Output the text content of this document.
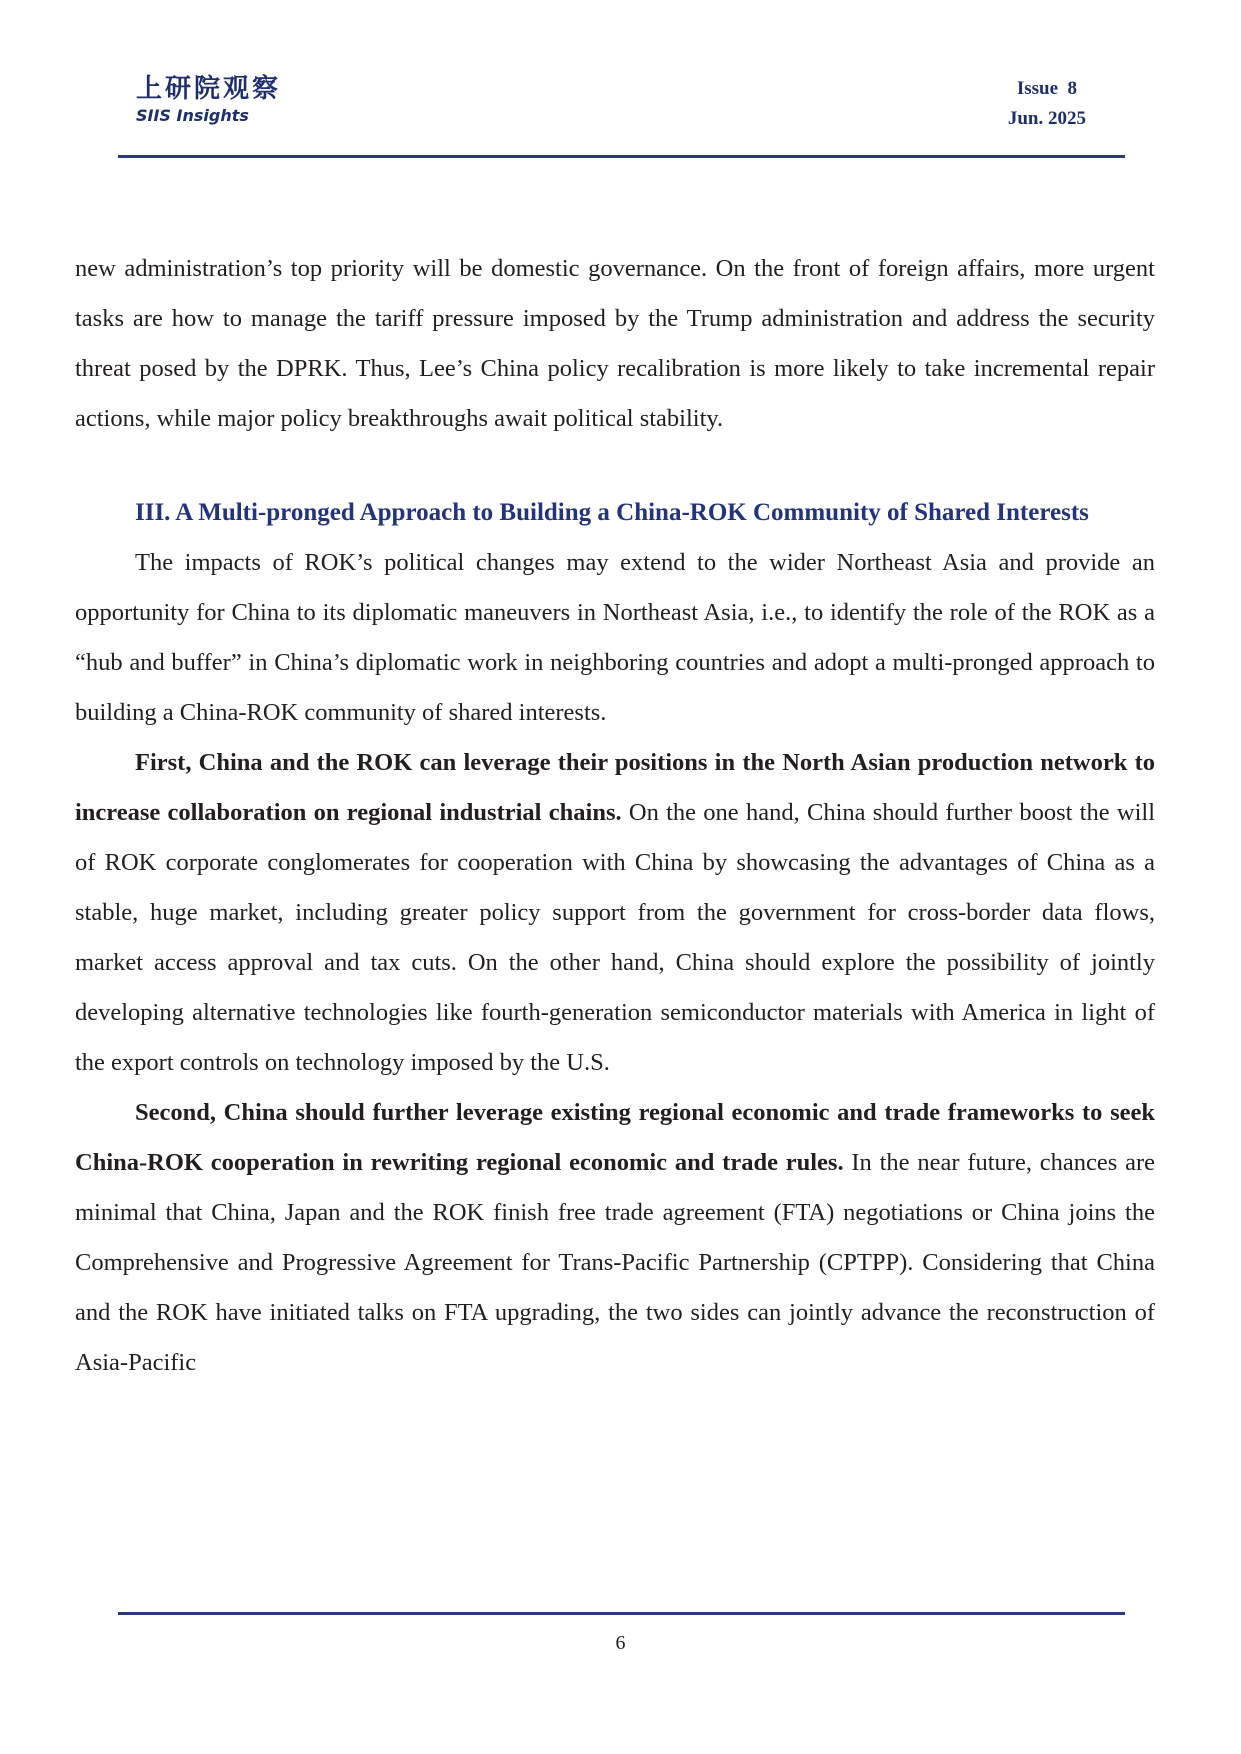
上研院观察
SIIS Insights
Issue  8
Jun. 2025

new administration’s top priority will be domestic governance. On the front of foreign affairs, more urgent tasks are how to manage the tariff pressure imposed by the Trump administration and address the security threat posed by the DPRK. Thus, Lee’s China policy recalibration is more likely to take incremental repair actions, while major policy breakthroughs await political stability.

III. A Multi-pronged Approach to Building a China-ROK Community of Shared Interests

The impacts of ROK’s political changes may extend to the wider Northeast Asia and provide an opportunity for China to its diplomatic maneuvers in Northeast Asia, i.e., to identify the role of the ROK as a “hub and buffer” in China’s diplomatic work in neighboring countries and adopt a multi-pronged approach to building a China-ROK community of shared interests.

First, China and the ROK can leverage their positions in the North Asian production network to increase collaboration on regional industrial chains. On the one hand, China should further boost the will of ROK corporate conglomerates for cooperation with China by showcasing the advantages of China as a stable, huge market, including greater policy support from the government for cross-border data flows, market access approval and tax cuts. On the other hand, China should explore the possibility of jointly developing alternative technologies like fourth-generation semiconductor materials with America in light of the export controls on technology imposed by the U.S.

Second, China should further leverage existing regional economic and trade frameworks to seek China-ROK cooperation in rewriting regional economic and trade rules. In the near future, chances are minimal that China, Japan and the ROK finish free trade agreement (FTA) negotiations or China joins the Comprehensive and Progressive Agreement for Trans-Pacific Partnership (CPTPP). Considering that China and the ROK have initiated talks on FTA upgrading, the two sides can jointly advance the reconstruction of Asia-Pacific

6
